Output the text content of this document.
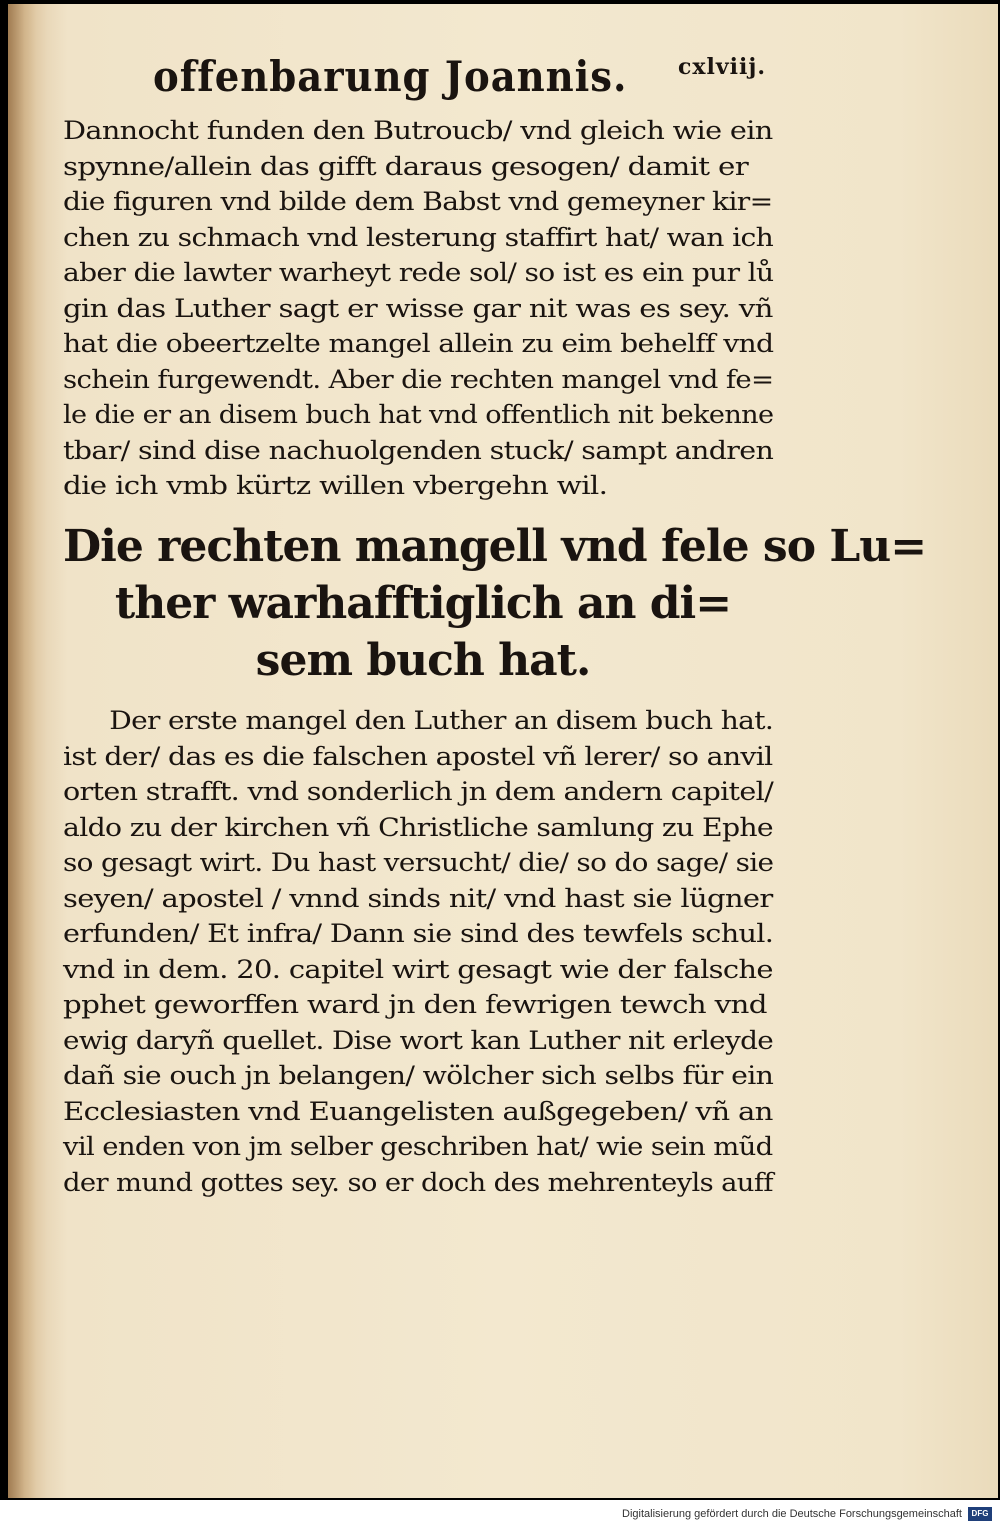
offenbarung Joannis. cxlviij.
Dannocht funden den Butroucb/ vnd gleich wie ein
spynne/allein das gifft daraus gesogen/ damit er
die figuren vnd bilde dem Babst vnd gemeyner kir=
chen zu schmach vnd lesterung staffirt hat/ wan ich
aber die lawter warheyt rede sol/ so ist es ein pur lů
gin das Luther sagt er wisse gar nit was es sey. vñ
hat die obeertzelte mangel allein zu eim behelff vnd
schein furgewendt. Aber die rechten mangel vnd fe=
le die er an disem buch hat vnd offentlich nit bekenne
tbar/ sind dise nachuolgenden stuck/ sampt andren
die ich vmb kürtz willen vbergehn wil.
Die rechten mangell vnd fele so Lu=
ther warhafftiglich an di=
sem buch hat.
Der erste mangel den Luther an disem buch hat.
ist der/ das es die falschen apostel vñ lerer/ so anvil
orten strafft. vnd sonderlich jn dem andern capitel/
aldo zu der kirchen vñ Christliche samlung zu Ephe
so gesagt wirt. Du hast versucht/ die/ so do sage/ sie
seyen/ apostel / vnnd sinds nit/ vnd hast sie lügner
erfunden/ Et infra/ Dann sie sind des tewfels schul.
vnd in dem. 20. capitel wirt gesagt wie der falsche
pphet geworffen ward jn den fewrigen tewch vnd
ewig daryñ quellet. Dise wort kan Luther nit erleyde
dañ sie ouch jn belangen/ wölcher sich selbs für ein
Ecclesiasten vnd Euangelisten außgegeben/ vñ an
vil enden von jm selber geschriben hat/ wie sein mũd
der mund gottes sey. so er doch des mehrenteyls auff
Digitalisierung gefördert durch die Deutsche Forschungsgemeinschaft	DFG
